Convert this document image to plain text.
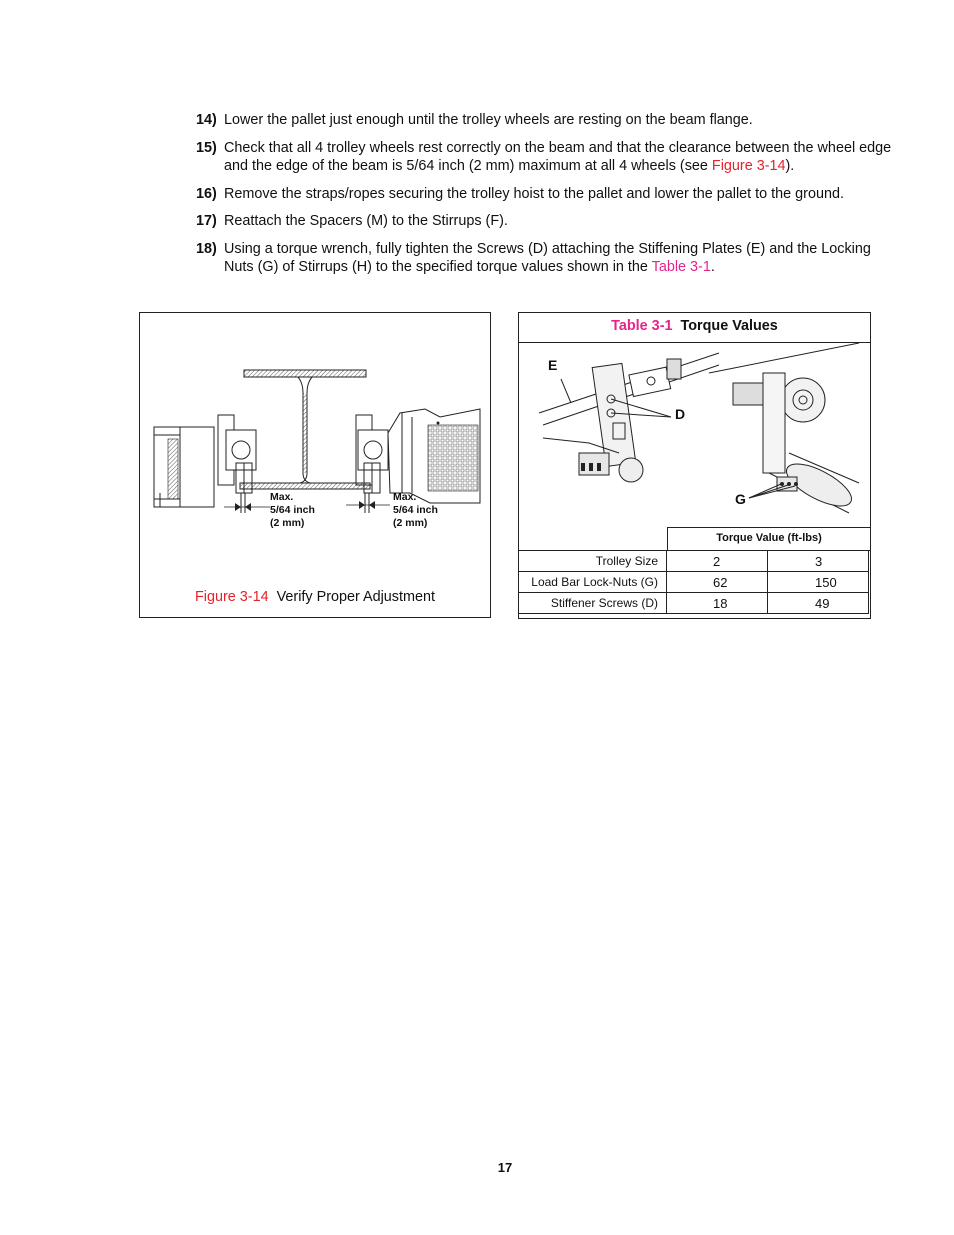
14) Lower the pallet just enough until the trolley wheels are resting on the beam flange.
15) Check that all 4 trolley wheels rest correctly on the beam and that the clearance between the wheel edge and the edge of the beam is 5/64 inch (2 mm) maximum at all 4 wheels (see Figure 3-14).
16) Remove the straps/ropes securing the trolley hoist to the pallet and lower the pallet to the ground.
17) Reattach the Spacers (M) to the Stirrups (F).
18) Using a torque wrench, fully tighten the Screws (D) attaching the Stiffening Plates (E) and the Locking Nuts (G) of Stirrups (H) to the specified torque values shown in the Table 3-1.
Max.
5/64 inch
(2 mm)
Max.
5/64 inch
(2 mm)
Figure 3-14 Verify Proper Adjustment
Table 3-1 Torque Values
E
D
G
Torque Value (ft-lbs)
Trolley Size	2	3
Load Bar Lock-Nuts (G)	62	150
Stiffener Screws (D)	18	49
17
